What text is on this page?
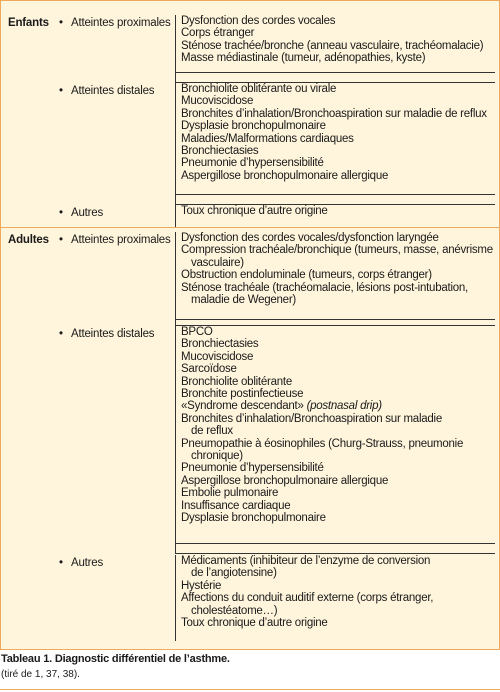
Enfants • Atteintes proximales Dysfonction des cordes vocales
Corps étranger
Sténose trachée/bronche (anneau vasculaire, trachéomalacie)
Masse médiastinale (tumeur, adénopathies, kyste)
• Atteintes distales Bronchiolite oblitérante ou virale
Mucoviscidose
Bronchites d’inhalation/Bronchoaspiration sur maladie de reflux
Dysplasie bronchopulmonaire
Maladies/Malformations cardiaques
Bronchiectasies
Pneumonie d’hypersensibilité
Aspergillose bronchopulmonaire allergique
• Autres	Toux chronique d’autre origine
Adultes • Atteintes proximales Dysfonction des cordes vocales/dysfonction laryngée
Compression trachéale/bronchique (tumeurs, masse, anévrisme
vasculaire)
Obstruction endoluminale (tumeurs, corps étranger)
Sténose trachéale (trachéomalacie, lésions post-intubation,
maladie de Wegener)
• Atteintes distales BPCO
Bronchiectasies
Mucoviscidose
Sarcoïdose
Bronchiolite oblitérante
Bronchite postinfectieuse
«Syndrome descendant» (postnasal drip)
Bronchites d’inhalation/Bronchoaspiration sur maladie
de reflux
Pneumopathie à éosinophiles (Churg-Strauss, pneumonie
chronique)
Pneumonie d’hypersensibilité
Aspergillose bronchopulmonaire allergique
Embolie pulmonaire
Insuffisance cardiaque
Dysplasie bronchopulmonaire
• Autres	Médicaments (inhibiteur de l’enzyme de conversion
de l’angiotensine)
Hystérie
Affections du conduit auditif externe (corps étranger,
cholestéatome…)
Toux chronique d’autre origine
Tableau 1. Diagnostic différentiel de l’asthme.
(tiré de 1, 37, 38).
